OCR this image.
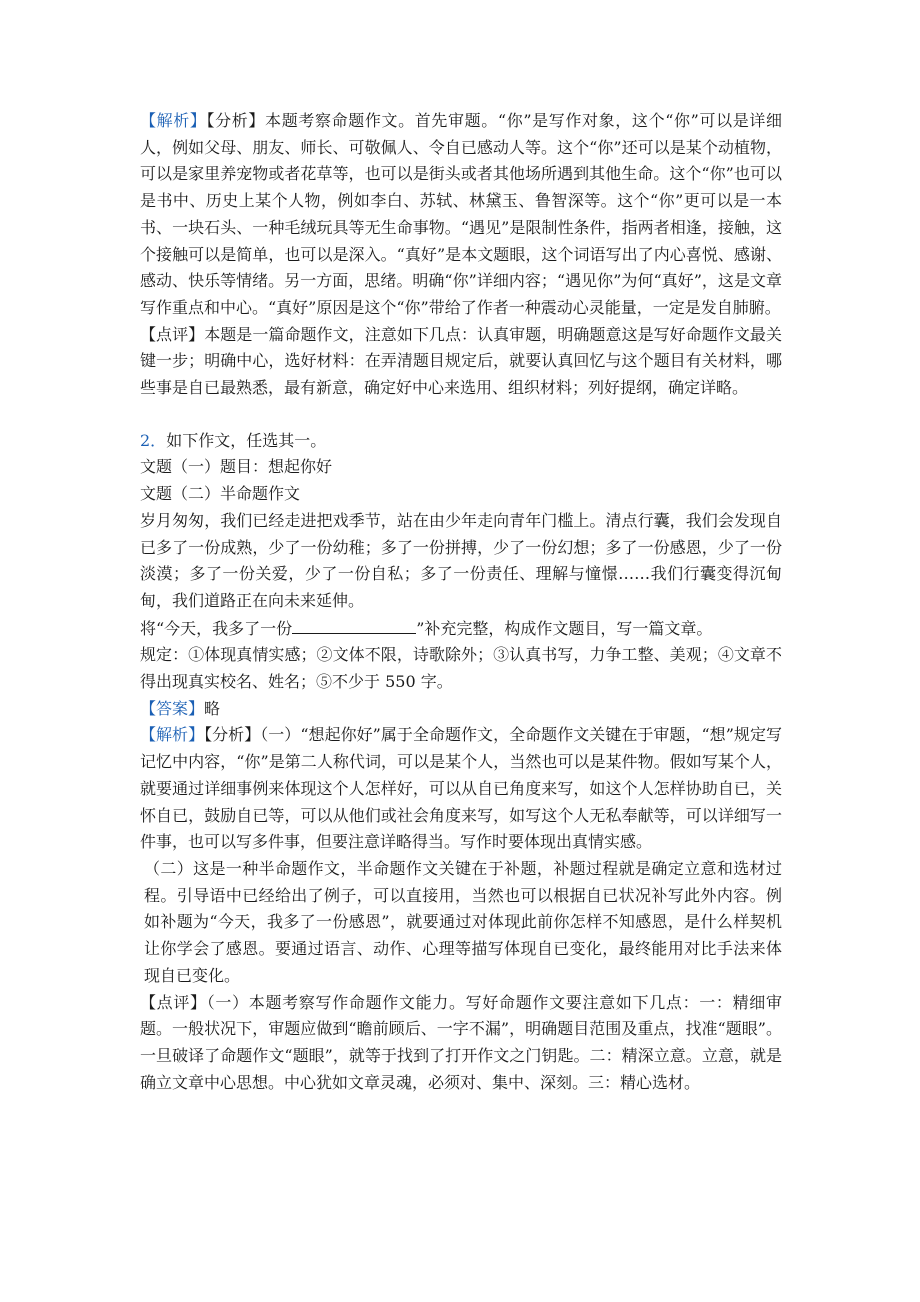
【解析】【分析】本题考察命题作文。首先审题。“你”是写作对象，这个“你”可以是详细人，例如父母、朋友、师长、可敬佩人、令自已感动人等。这个“你”还可以是某个动植物，可以是家里养宠物或者花草等，也可以是街头或者其他场所遇到其他生命。这个“你”也可以是书中、历史上某个人物，例如李白、苏轼、林黛玉、鲁智深等。这个“你”更可以是一本书、一块石头、一种毛绒玩具等无生命事物。“遇见”是限制性条件，指两者相逢，接触，这个接触可以是简单，也可以是深入。“真好”是本文题眼，这个词语写出了内心喜悦、感谢、感动、快乐等情绪。另一方面，思绪。明确“你”详细内容；“遇见你”为何“真好”，这是文章写作重点和中心。“真好”原因是这个“你”带给了作者一种震动心灵能量，一定是发自肺腑。

【点评】本题是一篇命题作文，注意如下几点：认真审题，明确题意这是写好命题作文最关键一步；明确中心，选好材料：在弄清题目规定后，就要认真回忆与这个题目有关材料，哪些事是自已最熟悉，最有新意，确定好中心来选用、组织材料；列好提纲，确定详略。

2．如下作文，任选其一。

文题（一）题目：想起你好

文题（二）半命题作文

岁月匆匆，我们已经走进把戏季节，站在由少年走向青年门槛上。清点行囊，我们会发现自已多了一份成熟，少了一份幼稚；多了一份拼搏，少了一份幻想；多了一份感恩，少了一份淡漠；多了一份关爱，少了一份自私；多了一份责任、理解与憧憬……我们行囊变得沉甸甸，我们道路正在向未来延伸。

将“今天，我多了一份	”补充完整，构成作文题目，写一篇文章。

规定：①体现真情实感；②文体不限，诗歌除外；③认真书写，力争工整、美观；④文章不得出现真实校名、姓名；⑤不少于 550 字。

【答案】略

【解析】【分析】（一）“想起你好”属于全命题作文，全命题作文关键在于审题，“想”规定写记忆中内容，“你”是第二人称代词，可以是某个人，当然也可以是某件物。假如写某个人，就要通过详细事例来体现这个人怎样好，可以从自已角度来写，如这个人怎样协助自已，关怀自已，鼓励自已等，可以从他们或社会角度来写，如写这个人无私奉献等，可以详细写一件事，也可以写多件事，但要注意详略得当。写作时要体现出真情实感。

（二）这是一种半命题作文，半命题作文关键在于补题，补题过程就是确定立意和选材过程。引导语中已经给出了例子，可以直接用，当然也可以根据自已状况补写此外内容。例如补题为“今天，我多了一份感恩”，就要通过对体现此前你怎样不知感恩，是什么样契机让你学会了感恩。要通过语言、动作、心理等描写体现自已变化，最终能用对比手法来体现自已变化。

【点评】（一）本题考察写作命题作文能力。写好命题作文要注意如下几点：一：精细审题。一般状况下，审题应做到“瞻前顾后、一字不漏”，明确题目范围及重点，找准“题眼”。一旦破译了命题作文“题眼”，就等于找到了打开作文之门钥匙。二：精深立意。立意，就是确立文章中心思想。中心犹如文章灵魂，必须对、集中、深刻。三：精心选材。
